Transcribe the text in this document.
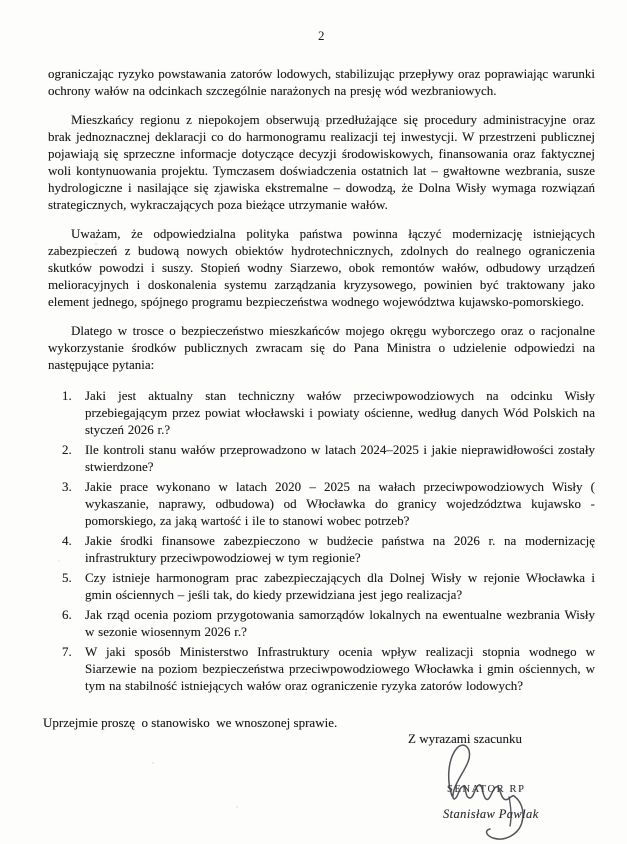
2

ograniczając ryzyko powstawania zatorów lodowych, stabilizując przepływy oraz poprawiając warunki ochrony wałów na odcinkach szczególnie narażonych na presję wód wezbraniowych.

Mieszkańcy regionu z niepokojem obserwują przedłużające się procedury administracyjne oraz brak jednoznacznej deklaracji co do harmonogramu realizacji tej inwestycji. W przestrzeni publicznej pojawiają się sprzeczne informacje dotyczące decyzji środowiskowych, finansowania oraz faktycznej woli kontynuowania projektu. Tymczasem doświadczenia ostatnich lat – gwałtowne wezbrania, susze hydrologiczne i nasilające się zjawiska ekstremalne – dowodzą, że Dolna Wisły wymaga rozwiązań strategicznych, wykraczających poza bieżące utrzymanie wałów.

Uważam, że odpowiedzialna polityka państwa powinna łączyć modernizację istniejących zabezpieczeń z budową nowych obiektów hydrotechnicznych, zdolnych do realnego ograniczenia skutków powodzi i suszy. Stopień wodny Siarzewo, obok remontów wałów, odbudowy urządzeń melioracyjnych i doskonalenia systemu zarządzania kryzysowego, powinien być traktowany jako element jednego, spójnego programu bezpieczeństwa wodnego województwa kujawsko-pomorskiego.

Dlatego w trosce o bezpieczeństwo mieszkańców mojego okręgu wyborczego oraz o racjonalne wykorzystanie środków publicznych zwracam się do Pana Ministra o udzielenie odpowiedzi na następujące pytania:

1. Jaki jest aktualny stan techniczny wałów przeciwpowodziowych na odcinku Wisły przebiegającym przez powiat włocławski i powiaty ościenne, według danych Wód Polskich na styczeń 2026 r.?
2. Ile kontroli stanu wałów przeprowadzono w latach 2024–2025 i jakie nieprawidłowości zostały stwierdzone?
3. Jakie prace wykonano w latach 2020 – 2025 na wałach przeciwpowodziowych Wisły ( wykaszanie, naprawy, odbudowa) od Włocławka do granicy wojedzództwa kujawsko - pomorskiego, za jaką wartość i ile to stanowi wobec potrzeb?
4. Jakie środki finansowe zabezpieczono w budżecie państwa na 2026 r. na modernizację infrastruktury przeciwpowodziowej w tym regionie?
5. Czy istnieje harmonogram prac zabezpieczających dla Dolnej Wisły w rejonie Włocławka i gmin ościennych – jeśli tak, do kiedy przewidziana jest jego realizacja?
6. Jak rząd ocenia poziom przygotowania samorządów lokalnych na ewentualne wezbrania Wisły w sezonie wiosennym 2026 r.?
7. W jaki sposób Ministerstwo Infrastruktury ocenia wpływ realizacji stopnia wodnego w Siarzewie na poziom bezpieczeństwa przeciwpowodziowego Włocławka i gmin ościennych, w tym na stabilność istniejących wałów oraz ograniczenie ryzyka zatorów lodowych?

Uprzejmie proszę  o stanowisko  we wnoszonej sprawie.

Z wyrazami szacunku
SENATOR RP
Stanisław Pawlak
